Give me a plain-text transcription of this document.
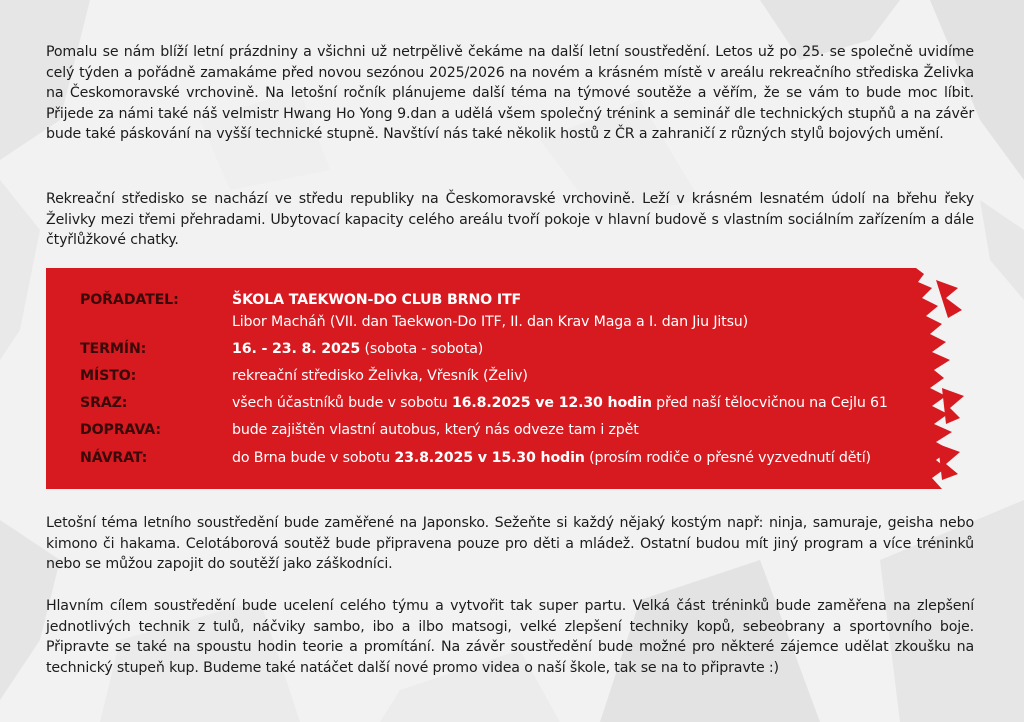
Pomalu se nám blíží letní prázdniny a všichni už netrpělivě čekáme na další letní soustředění. Letos už po 25. se společně uvidíme celý týden a pořádně zamakáme před novou sezónou 2025/2026 na novém a krásném místě v areálu rekreačního střediska Želivka na Českomoravské vrchovině. Na letošní ročník plánujeme další téma na týmové soutěže a věřím, že se vám to bude moc líbit. Přijede za námi také náš velmistr Hwang Ho Yong 9.dan a udělá všem společný trénink a seminář dle technických stupňů a na závěr bude také páskování na vyšší technické stupně. Navštíví nás také několik hostů z ČR a zahraničí z různých stylů bojových umění.

Rekreační středisko se nachází ve středu republiky na Českomoravské vrchovině. Leží v krásném lesnatém údolí na břehu řeky Želivky mezi třemi přehradami. Ubytovací kapacity celého areálu tvoří pokoje v hlavní budově s vlastním sociálním zařízením a dále čtyřlůžkové chatky.

POŘADATEL:	ŠKOLA TAEKWON-DO CLUB BRNO ITF
Libor Macháň (VII. dan Taekwon-Do ITF, II. dan Krav Maga a I. dan Jiu Jitsu)
TERMÍN:	16. - 23. 8. 2025 (sobota - sobota)
MÍSTO:	rekreační středisko Želivka, Vřesník (Želiv)
SRAZ:	všech účastníků bude v sobotu 16.8.2025 ve 12.30 hodin před naší tělocvičnou na Cejlu 61
DOPRAVA:	bude zajištěn vlastní autobus, který nás odveze tam i zpět
NÁVRAT:	do Brna bude v sobotu 23.8.2025 v 15.30 hodin (prosím rodiče o přesné vyzvednutí dětí)

Letošní téma letního soustředění bude zaměřené na Japonsko. Sežeňte si každý nějaký kostým např: ninja, samuraje, geisha nebo kimono či hakama. Celotáborová soutěž bude připravena pouze pro děti a mládež. Ostatní budou mít jiný program a více tréninků nebo se můžou zapojit do soutěží jako záškodníci.

Hlavním cílem soustředění bude ucelení celého týmu a vytvořit tak super partu. Velká část tréninků bude zaměřena na zlepšení jednotlivých technik z tulů, náčviky sambo, ibo a ilbo matsogi, velké zlepšení techniky kopů, sebeobrany a sportovního boje. Připravte se také na spoustu hodin teorie a promítání. Na závěr soustředění bude možné pro některé zájemce udělat zkoušku na technický stupeň kup. Budeme také natáčet další nové promo videa o naší škole, tak se na to připravte :)
